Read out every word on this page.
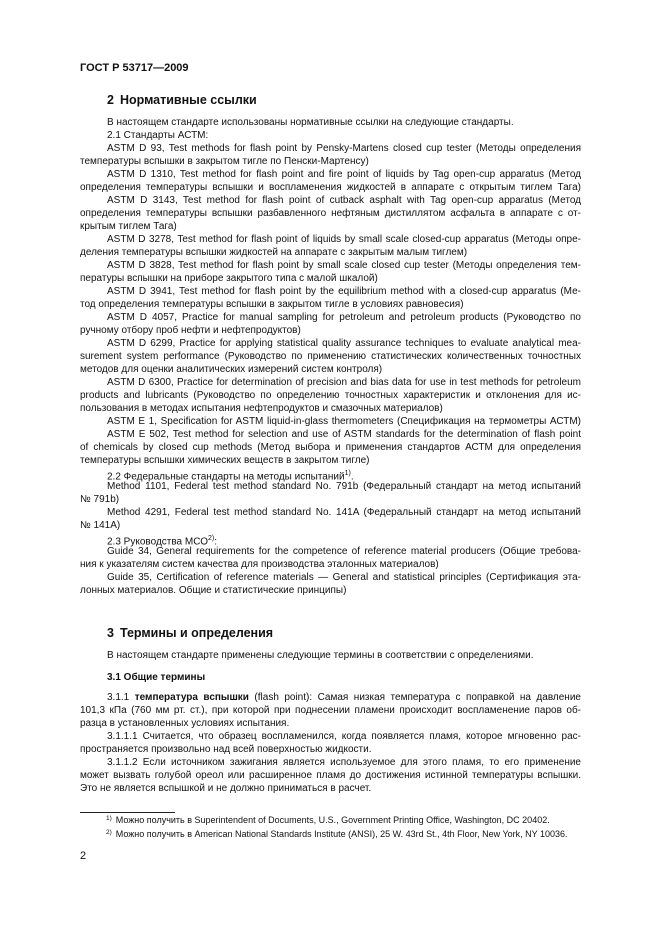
ГОСТ Р 53717—2009
2 Нормативные ссылки
В настоящем стандарте использованы нормативные ссылки на следующие стандарты.
2.1 Стандарты АСТМ:
ASTM D 93, Test methods for flash point by Pensky-Martens closed cup tester (Методы определения
температуры вспышки в закрытом тигле по Пенски-Мартенсу)
ASTM D 1310, Test method for flash point and fire point of liquids by Tag open-cup apparatus (Метод
определения температуры вспышки и воспламенения жидкостей в аппарате с открытым тиглем Тага)
ASTM D 3143, Test method for flash point of cutback asphalt with Tag open-cup apparatus (Метод
определения температуры вспышки разбавленного нефтяным дистиллятом асфальта в аппарате с от-
крытым тиглем Тага)
ASTM D 3278, Test method for flash point of liquids by small scale closed-cup apparatus (Методы опре-
деления температуры вспышки жидкостей на аппарате с закрытым малым тиглем)
ASTM D 3828, Test method for flash point by small scale closed cup tester (Методы определения тем-
пературы вспышки на приборе закрытого типа с малой шкалой)
ASTM D 3941, Test method for flash point by the equilibrium method with a closed-cup apparatus (Ме-
тод определения температуры вспышки в закрытом тигле в условиях равновесия)
ASTM D 4057, Practice for manual sampling for petroleum and petroleum products (Руководство по
ручному отбору проб нефти и нефтепродуктов)
ASTM D 6299, Practice for applying statistical quality assurance techniques to evaluate analytical mea-
surement system performance (Руководство по применению статистических количественных точностных
методов для оценки аналитических измерений систем контроля)
ASTM D 6300, Practice for determination of precision and bias data for use in test methods for petroleum
products and lubricants (Руководство по определению точностных характеристик и отклонения для ис-
пользования в методах испытания нефтепродуктов и смазочных материалов)
ASTM E 1, Specification for ASTM liquid-in-glass thermometers (Спецификация на термометры АСТМ)
ASTM E 502, Test method for selection and use of ASTM standards for the determination of flash point
of chemicals by closed cup methods (Метод выбора и применения стандартов АСТМ для определения
температуры вспышки химических веществ в закрытом тигле)
2.2 Федеральные стандарты на методы испытаний$^{1)}$.
Method 1101, Federal test method standard No. 791b (Федеральный стандарт на метод испытаний
№ 791b)
Method 4291, Federal test method standard No. 141A (Федеральный стандарт на метод испытаний
№ 141A)
2.3 Руководства МСО$^{2)}$:
Guide 34, General requirements for the competence of reference material producers (Общие требова-
ния к указателям систем качества для производства эталонных материалов)
Guide 35, Certification of reference materials — General and statistical principles (Сертификация эта-
лонных материалов. Общие и статистические принципы)
3 Термины и определения
В настоящем стандарте применены следующие термины в соответствии с определениями.
3.1 Общие термины
3.1.1 температура вспышки (flash point): Самая низкая температура с поправкой на давление
101,3 кПа (760 мм рт. ст.), при которой при поднесении пламени происходит воспламенение паров об-
разца в установленных условиях испытания.
3.1.1.1 Считается, что образец воспламенился, когда появляется пламя, которое мгновенно рас-
пространяется произвольно над всей поверхностью жидкости.
3.1.1.2 Если источником зажигания является используемое для этого пламя, то его применение
может вызвать голубой ореол или расширенное пламя до достижения истинной температуры вспышки.
Это не является вспышкой и не должно приниматься в расчет.
$^{1)}$ Можно получить в Superintendent of Documents, U.S., Government Printing Office, Washington, DC 20402.
$^{2)}$ Можно получить в American National Standards Institute (ANSI), 25 W. 43rd St., 4th Floor, New York, NY 10036.
2
